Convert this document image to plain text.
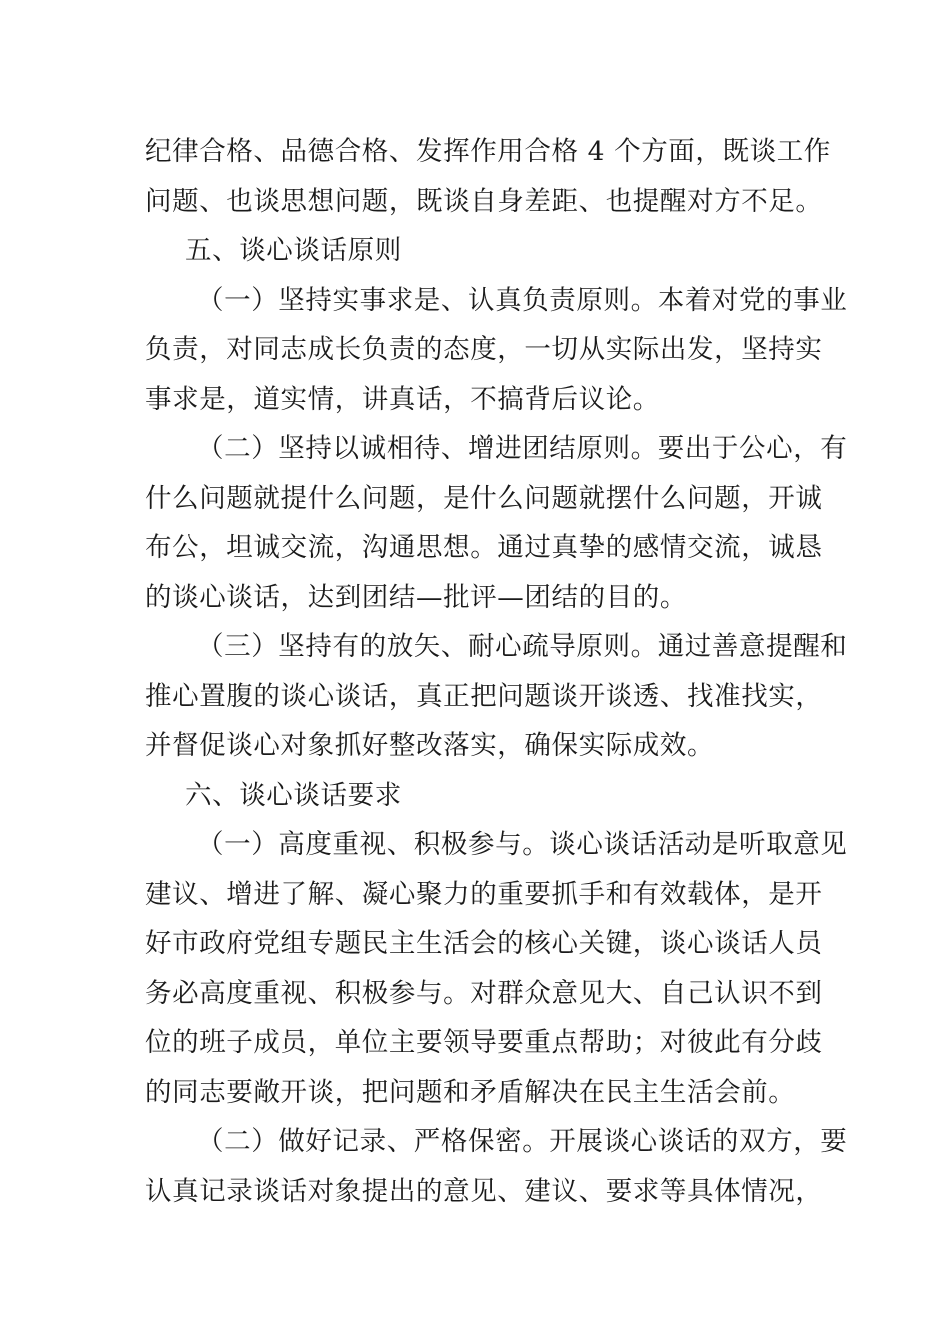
纪律合格、品德合格、发挥作用合格 4 个方面，既谈工作
问题、也谈思想问题，既谈自身差距、也提醒对方不足。
五、谈心谈话原则
（一）坚持实事求是、认真负责原则。本着对党的事业
负责，对同志成长负责的态度，一切从实际出发，坚持实
事求是，道实情，讲真话，不搞背后议论。
（二）坚持以诚相待、增进团结原则。要出于公心，有
什么问题就提什么问题，是什么问题就摆什么问题，开诚
布公，坦诚交流，沟通思想。通过真挚的感情交流，诚恳
的谈心谈话，达到团结—批评—团结的目的。
（三）坚持有的放矢、耐心疏导原则。通过善意提醒和
推心置腹的谈心谈话，真正把问题谈开谈透、找准找实，
并督促谈心对象抓好整改落实，确保实际成效。
六、谈心谈话要求
（一）高度重视、积极参与。谈心谈话活动是听取意见
建议、增进了解、凝心聚力的重要抓手和有效载体，是开
好市政府党组专题民主生活会的核心关键，谈心谈话人员
务必高度重视、积极参与。对群众意见大、自己认识不到
位的班子成员，单位主要领导要重点帮助；对彼此有分歧
的同志要敞开谈，把问题和矛盾解决在民主生活会前。
（二）做好记录、严格保密。开展谈心谈话的双方，要
认真记录谈话对象提出的意见、建议、要求等具体情况，
